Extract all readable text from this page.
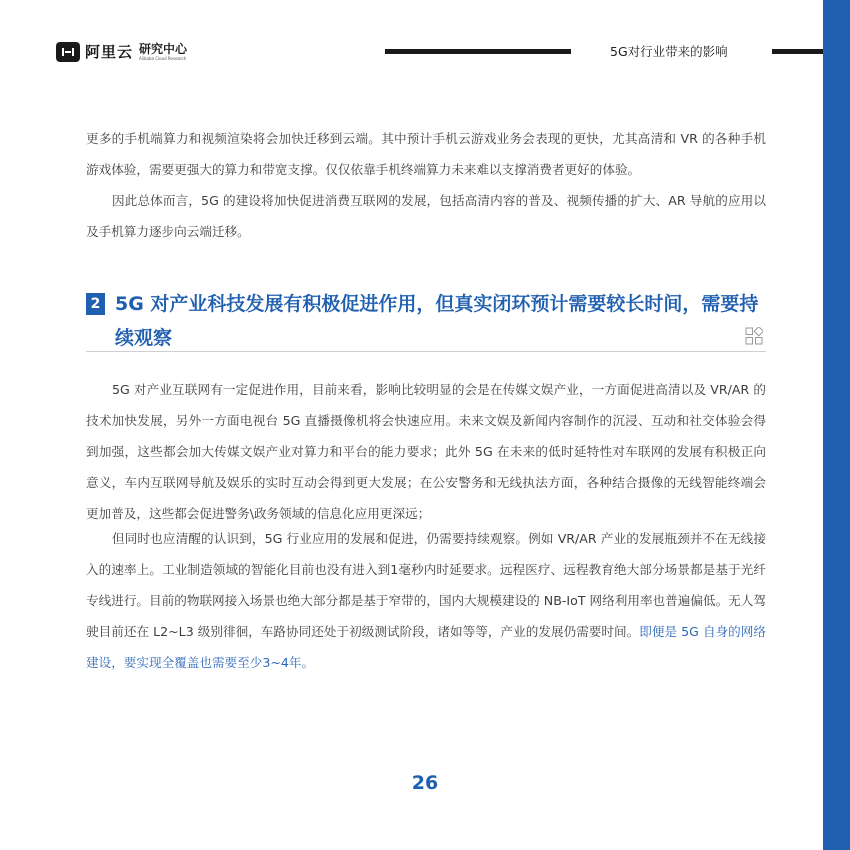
阿里云 研究中心
Alibaba Cloud Research	5G对行业带来的影响

更多的手机端算力和视频渲染将会加快迁移到云端。其中预计手机云游戏业务会表现的更快，尤其高清和 VR 的各种手机游戏体验，需要更强大的算力和带宽支撑。仅仅依靠手机终端算力未来难以支撑消费者更好的体验。

因此总体而言，5G 的建设将加快促进消费互联网的发展，包括高清内容的普及、视频传播的扩大、AR 导航的应用以及手机算力逐步向云端迁移。

2 5G 对产业科技发展有积极促进作用，但真实闭环预计需要较长时间，需要持续观察

5G 对产业互联网有一定促进作用，目前来看，影响比较明显的会是在传媒文娱产业，一方面促进高清以及 VR/AR 的技术加快发展，另外一方面电视台 5G 直播摄像机将会快速应用。未来文娱及新闻内容制作的沉浸、互动和社交体验会得到加强，这些都会加大传媒文娱产业对算力和平台的能力要求；此外 5G 在未来的低时延特性对车联网的发展有积极正向意义，车内互联网导航及娱乐的实时互动会得到更大发展；在公安警务和无线执法方面，各种结合摄像的无线智能终端会更加普及，这些都会促进警务\政务领域的信息化应用更深远；

但同时也应清醒的认识到，5G 行业应用的发展和促进，仍需要持续观察。例如 VR/AR 产业的发展瓶颈并不在无线接入的速率上。工业制造领域的智能化目前也没有进入到1毫秒内时延要求。远程医疗、远程教育绝大部分场景都是基于光纤专线进行。目前的物联网接入场景也绝大部分都是基于窄带的，国内大规模建设的 NB-IoT 网络利用率也普遍偏低。无人驾驶目前还在 L2~L3 级别徘徊，车路协同还处于初级测试阶段，诸如等等，产业的发展仍需要时间。即便是 5G 自身的网络建设，要实现全覆盖也需要至少3~4年。

26
